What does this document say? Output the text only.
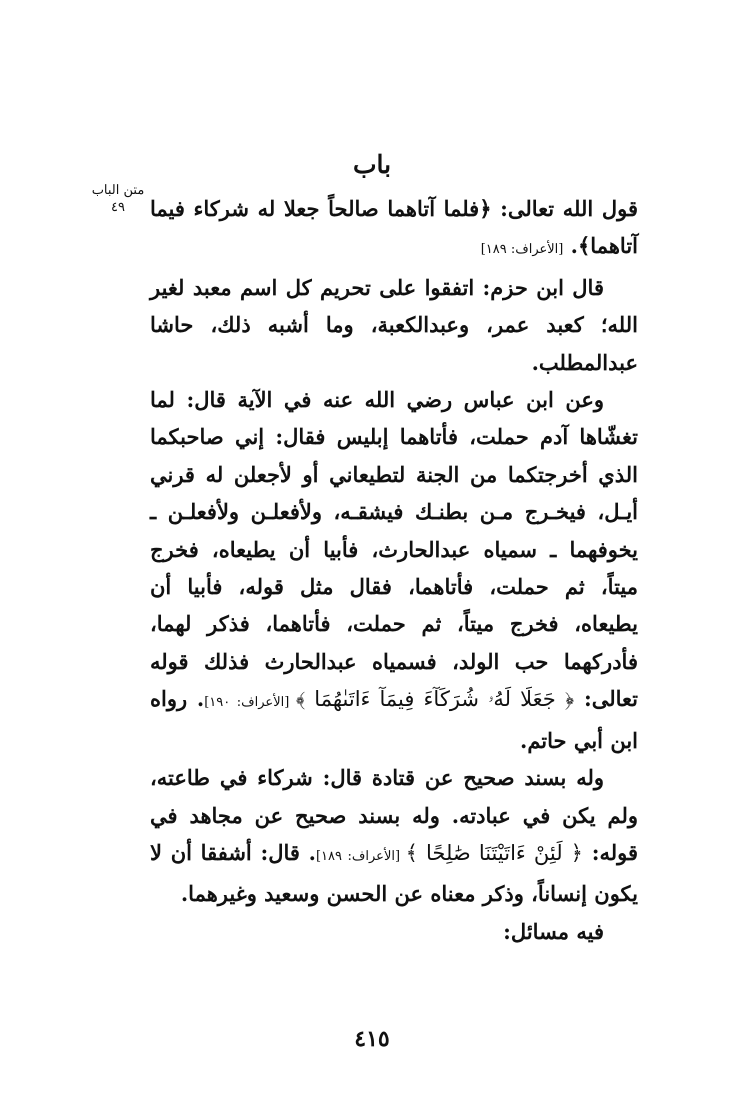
باب
متن الباب
٤٩	قول الله تعالى: ﴿فلما آتاهما صالحاً جعلا له شركاء فيما آتاهما﴾. [الأعراف: ١٨٩]

قال ابن حزم: اتفقوا على تحريم كل اسم معبد لغير الله؛ كعبد عمر، وعبدالكعبة، وما أشبه ذلك، حاشا عبدالمطلب.

وعن ابن عباس رضي الله عنه في الآية قال: لما تغشّاها آدم حملت، فأتاهما إبليس فقال: إني صاحبكما الذي أخرجتكما من الجنة لتطيعاني أو لأجعلن له قرني أيـل، فيخـرج مـن بطنـك فيشقـه، ولأفعلـن ولأفعلـن ـ يخوفهما ـ سمياه عبدالحارث، فأبيا أن يطيعاه، فخرج ميتاً، ثم حملت، فأتاهما، فقال مثل قوله، فأبيا أن يطيعاه، فخرج ميتاً، ثم حملت، فأتاهما، فذكر لهما، فأدركهما حب الولد، فسمياه عبدالحارث فذلك قوله تعالى: ﴿ جَعَلَا لَهُۥ شُرَكَآءَ فِيمَآ ءَاتَىٰهُمَا ﴾ [الأعراف: ١٩٠]. رواه ابن أبي حاتم.

وله بسند صحيح عن قتادة قال: شركاء في طاعته، ولم يكن في عبادته. وله بسند صحيح عن مجاهد في قوله: ﴿ لَئِنْ ءَاتَيْتَنَا صَٰلِحًا ﴾ [الأعراف: ١٨٩]. قال: أشفقا أن لا يكون إنساناً، وذكر معناه عن الحسن وسعيد وغيرهما.

فيه مسائل:

٤١٥
